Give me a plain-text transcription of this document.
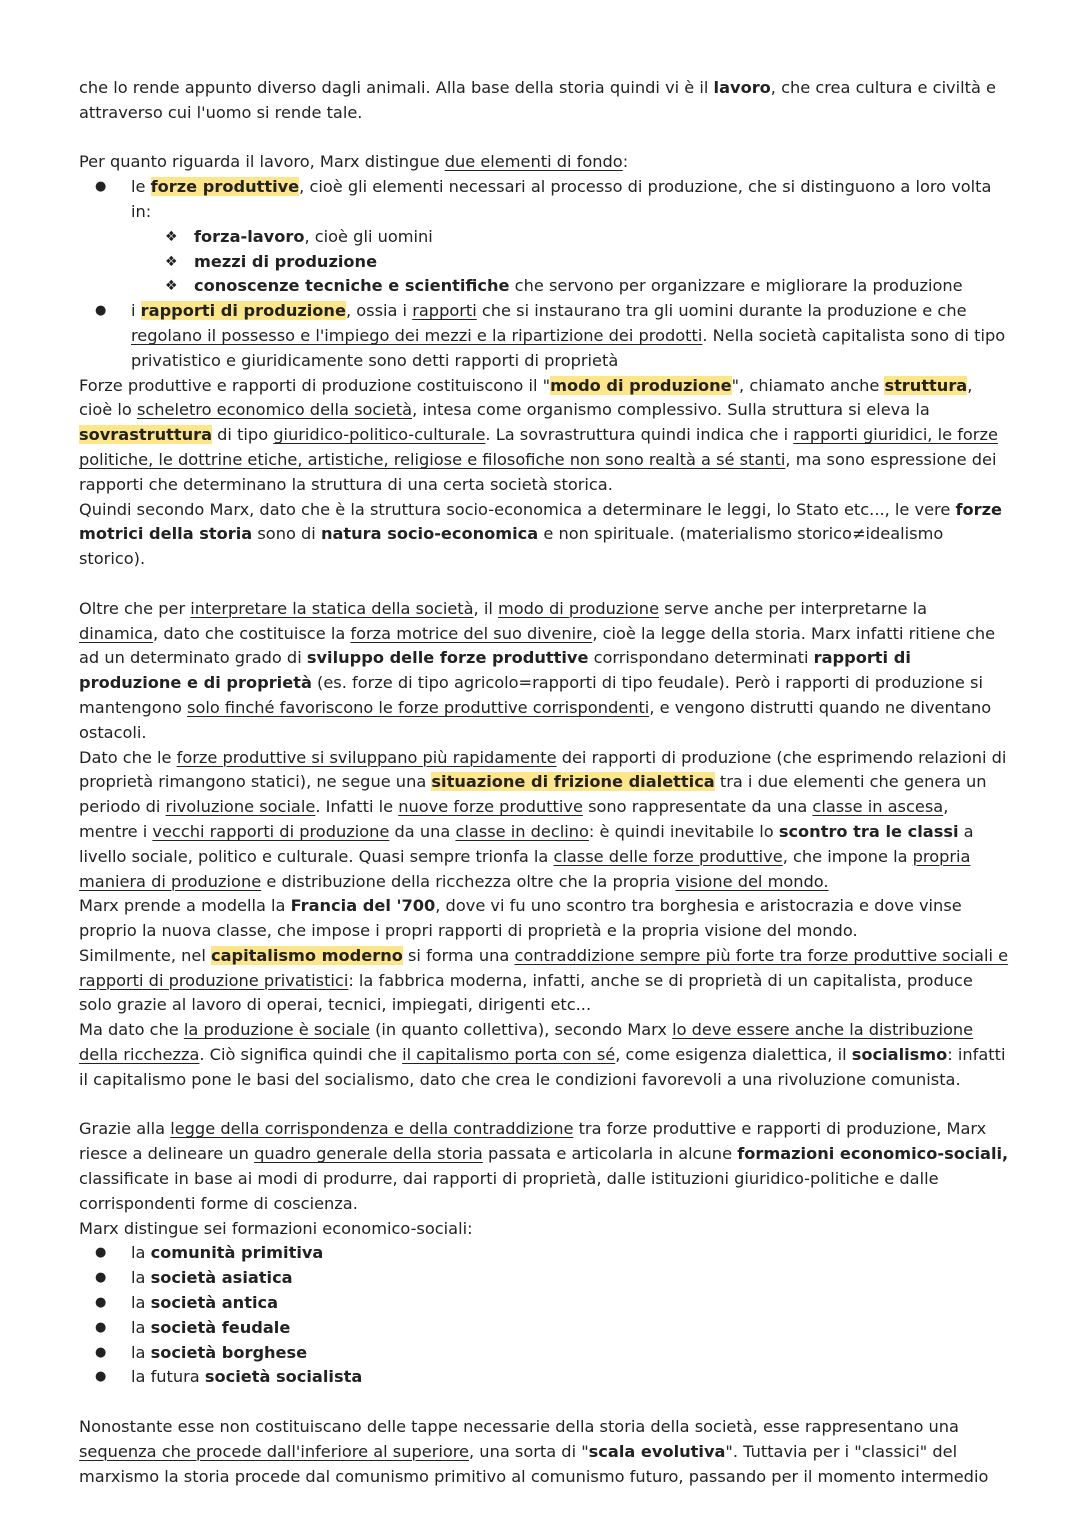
che lo rende appunto diverso dagli animali. Alla base della storia quindi vi è il lavoro, che crea cultura e civiltà e attraverso cui l'uomo si rende tale.

Per quanto riguarda il lavoro, Marx distingue due elementi di fondo:

● le forze produttive, cioè gli elementi necessari al processo di produzione, che si distinguono a loro volta in:
❖ forza-lavoro, cioè gli uomini
❖ mezzi di produzione
❖ conoscenze tecniche e scientifiche che servono per organizzare e migliorare la produzione
● i rapporti di produzione, ossia i rapporti che si instaurano tra gli uomini durante la produzione e che regolano il possesso e l'impiego dei mezzi e la ripartizione dei prodotti. Nella società capitalista sono di tipo privatistico e giuridicamente sono detti rapporti di proprietà

Forze produttive e rapporti di produzione costituiscono il "modo di produzione", chiamato anche struttura, cioè lo scheletro economico della società, intesa come organismo complessivo. Sulla struttura si eleva la sovrastruttura di tipo giuridico-politico-culturale. La sovrastruttura quindi indica che i rapporti giuridici, le forze politiche, le dottrine etiche, artistiche, religiose e filosofiche non sono realtà a sé stanti, ma sono espressione dei rapporti che determinano la struttura di una certa società storica.

Quindi secondo Marx, dato che è la struttura socio-economica a determinare le leggi, lo Stato etc..., le vere forze motrici della storia sono di natura socio-economica e non spirituale. (materialismo storico≠idealismo storico).

Oltre che per interpretare la statica della società, il modo di produzione serve anche per interpretarne la dinamica, dato che costituisce la forza motrice del suo divenire, cioè la legge della storia. Marx infatti ritiene che ad un determinato grado di sviluppo delle forze produttive corrispondano determinati rapporti di produzione e di proprietà (es. forze di tipo agricolo=rapporti di tipo feudale). Però i rapporti di produzione si mantengono solo finché favoriscono le forze produttive corrispondenti, e vengono distrutti quando ne diventano ostacoli.

Dato che le forze produttive si sviluppano più rapidamente dei rapporti di produzione (che esprimendo relazioni di proprietà rimangono statici), ne segue una situazione di frizione dialettica tra i due elementi che genera un periodo di rivoluzione sociale. Infatti le nuove forze produttive sono rappresentate da una classe in ascesa, mentre i vecchi rapporti di produzione da una classe in declino: è quindi inevitabile lo scontro tra le classi a livello sociale, politico e culturale. Quasi sempre trionfa la classe delle forze produttive, che impone la propria maniera di produzione e distribuzione della ricchezza oltre che la propria visione del mondo.

Marx prende a modella la Francia del '700, dove vi fu uno scontro tra borghesia e aristocrazia e dove vinse proprio la nuova classe, che impose i propri rapporti di proprietà e la propria visione del mondo.

Similmente, nel capitalismo moderno si forma una contraddizione sempre più forte tra forze produttive sociali e rapporti di produzione privatistici: la fabbrica moderna, infatti, anche se di proprietà di un capitalista, produce solo grazie al lavoro di operai, tecnici, impiegati, dirigenti etc...

Ma dato che la produzione è sociale (in quanto collettiva), secondo Marx lo deve essere anche la distribuzione della ricchezza. Ciò significa quindi che il capitalismo porta con sé, come esigenza dialettica, il socialismo: infatti il capitalismo pone le basi del socialismo, dato che crea le condizioni favorevoli a una rivoluzione comunista.

Grazie alla legge della corrispondenza e della contraddizione tra forze produttive e rapporti di produzione, Marx riesce a delineare un quadro generale della storia passata e articolarla in alcune formazioni economico-sociali, classificate in base ai modi di produrre, dai rapporti di proprietà, dalle istituzioni giuridico-politiche e dalle corrispondenti forme di coscienza.

Marx distingue sei formazioni economico-sociali:

● la comunità primitiva
● la società asiatica
● la società antica
● la società feudale
● la società borghese
● la futura società socialista

Nonostante esse non costituiscano delle tappe necessarie della storia della società, esse rappresentano una sequenza che procede dall'inferiore al superiore, una sorta di "scala evolutiva". Tuttavia per i "classici" del marxismo la storia procede dal comunismo primitivo al comunismo futuro, passando per il momento intermedio
